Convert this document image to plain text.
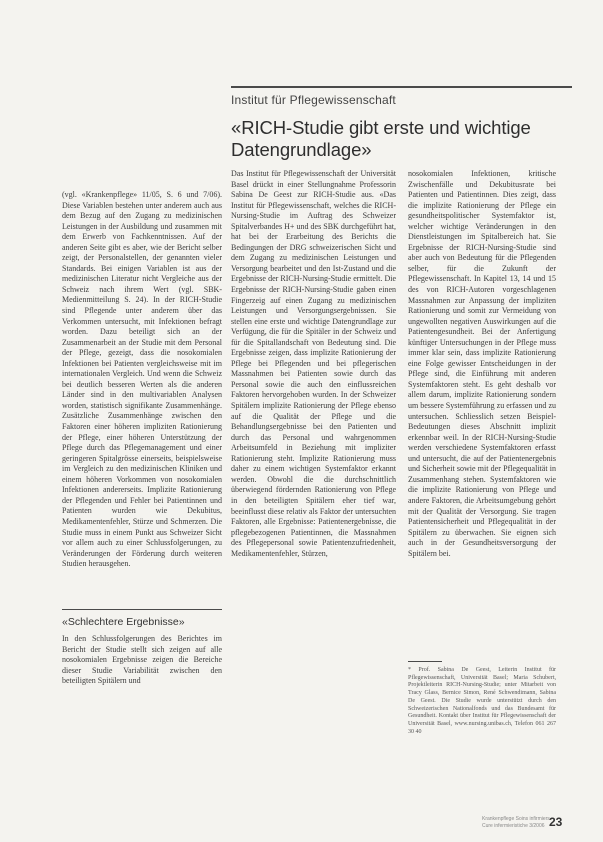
Institut für Pflegewissenschaft
«RICH-Studie gibt erste und wichtige Datengrundlage»

(vgl. «Krankenpflege» 11/05, S. 6 und 7/06). Diese Variablen bestehen unter anderem auch aus dem Bezug auf den Zugang zu medizinischen Leistungen in der Ausbildung und zusammen mit dem Erwerb von Fachkenntnissen. Auf der anderen Seite gibt es aber, wie der Bericht selber zeigt, der Personalstellen, der genannten vieler Standards. Bei einigen Variablen ist aus der medizinischen Literatur nicht Vergleiche aus der Schweiz nach ihrem Wert (vgl. SBK-Medienmitteilung S. 24). In der RICH-Studie sind Pflegende unter anderem über das Verkommen untersucht, mit Infektionen befragt worden. Dazu beteiligt sich an der Zusammenarbeit an der Studie mit dem Personal der Pflege, gezeigt, dass die nosokomialen Infektionen bei Patienten vergleichsweise mit im internationalen Vergleich. Und wenn die Schweiz bei deutlich besseren Werten als die anderen Länder sind in den multivariablen Analysen worden, statistisch signifikante Zusammenhänge. Zusätzliche Zusammenhänge zwischen den Faktoren einer höheren impliziten Rationierung der Pflege, einer höheren Unterstützung der Pflege durch das Pflegemanagement und einer geringeren Spitalgrösse einerseits, beispielsweise im Vergleich zu den medizinischen Kliniken und einem höheren Vorkommen von nosokomialen Infektionen andererseits. Implizite Rationierung der Pflegenden und Fehler bei Patientinnen und Patienten wurden wie Dekubitus, Medikamentenfehler, Stürze und Schmerzen. Die Studie muss in einem Punkt aus Schweizer Sicht vor allem auch zu einer Schlussfolgerungen, zu Veränderungen der Förderung durch weiteren Studien herausgehen.

«Schlechtere Ergebnisse»

In den Schlussfolgerungen des Berichtes im Bericht der Studie stellt sich zeigen auf alle nosokomialen Ergebnisse zeigen die Bereiche dieser Studie Variabilität zwischen den beteiligten Spitälern und

Das Institut für Pflegewissenschaft der Universität Basel drückt in einer Stellungnahme Professorin Sabina De Geest zur RICH-Studie aus. «Das Institut für Pflegewissenschaft, welches die RICH-Nursing-Studie im Auftrag des Schweizer Spitalverbandes H+ und des SBK durchgeführt hat, hat bei der Erarbeitung des Berichts die Bedingungen der DRG schweizerischen Sicht und dem Zugang zu medizinischen Leistungen und Versorgung bearbeitet und den Ist-Zustand und die Ergebnisse der RICH-Nursing-Studie ermittelt. Die Ergebnisse der RICH-Nursing-Studie gaben einen Fingerzeig auf einen Zugang zu medizinischen Leistungen und Versorgungsergebnissen. Sie stellen eine erste und wichtige Datengrundlage zur Verfügung, die für die Spitäler in der Schweiz und für die Spitallandschaft von Bedeutung sind. Die Ergebnisse zeigen, dass implizite Rationierung der Pflege bei Pflegenden und bei pflegerischen Massnahmen bei Patienten sowie durch das Personal sowie die auch den einflussreichen Faktoren hervorgehoben wurden. In der Schweizer Spitälern implizite Rationierung der Pflege ebenso auf die Qualität der Pflege und die Behandlungsergebnisse bei den Patienten und durch das Personal und wahrgenommen Arbeitsumfeld in Beziehung mit impliziter Rationierung steht. Implizite Rationierung muss daher zu einem wichtigen Systemfaktor erkannt werden. Obwohl die die durchschnittlich überwiegend fördernden Rationierung von Pflege in den beteiligten Spitälern eher tief war, beeinflusst diese relativ als Faktor der untersuchten Faktoren, alle Ergebnisse: Patientenergebnisse, die pflegebezogenen Patientinnen, die Massnahmen des Pflegepersonal sowie Patientenzufriedenheit, Medikamentenfehler, Stürzen,

nosokomialen Infektionen, kritische Zwischenfälle und Dekubitusrate bei Patienten und Patientinnen. Dies zeigt, dass die implizite Rationierung der Pflege ein gesundheitspolitischer Systemfaktor ist, welcher wichtige Veränderungen in den Dienstleistungen im Spitalbereich hat. Sie Ergebnisse der RICH-Nursing-Studie sind aber auch von Bedeutung für die Pflegenden selber, für die Zukunft der Pflegewissenschaft. In Kapitel 13, 14 und 15 des von RICH-Autoren vorgeschlagenen Massnahmen zur Anpassung der impliziten Rationierung und somit zur Vermeidung von ungewollten negativen Auswirkungen auf die Patientengesundheit. Bei der Anfertigung künftiger Untersuchungen in der Pflege muss immer klar sein, dass implizite Rationierung eine Folge gewisser Entscheidungen in der Pflege sind, die Einführung mit anderen Systemfaktoren steht. Es geht deshalb vor allem darum, implizite Rationierung sondern um bessere Systemführung zu erfassen und zu untersuchen. Schliesslich setzen Beispiel-Bedeutungen dieses Abschnitt implizit erkennbar weil. In der RICH-Nursing-Studie werden verschiedene Systemfaktoren erfasst und untersucht, die auf der Patientenergebnis und Sicherheit sowie mit der Pflegequalität in Zusammenhang stehen. Systemfaktoren wie die implizite Rationierung von Pflege und andere Faktoren, die Arbeitsumgebung gehört mit der Qualität der Versorgung. Sie tragen Patientensicherheit und Pflegequalität in der Spitälern zu überwachen. Sie eignen sich auch in der Gesundheitsversorgung der Spitälern bei.

* Prof. Sabina De Geest, Leiterin Institut für Pflegewissenschaft, Universität Basel; Maria Schubert, Projektleiterin RICH-Nursing-Studie; unter Mitarbeit von Tracy Glass, Bernice Simon, René Schwendimann, Sabina De Geest. Die Studie wurde unterstützt durch den Schweizerischen Nationalfonds und das Bundesamt für Gesundheit. Kontakt über Institut für Pflegewissenschaft der Universität Basel, www.nursing.unibas.ch, Telefon 061 267 30 40

Krankenpflege Soins infirmiers
Cure infermieristiche 3/2006 23
